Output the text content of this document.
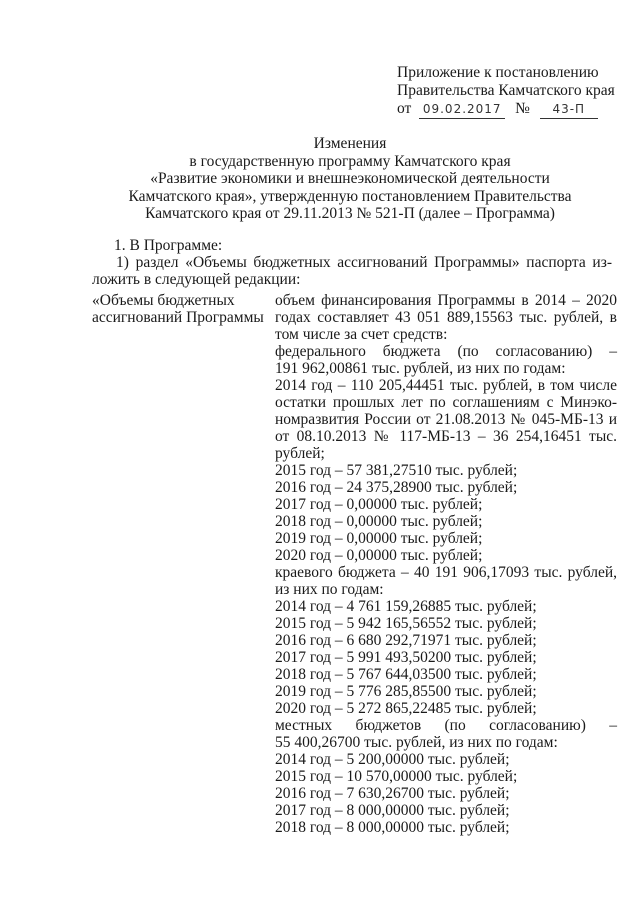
Приложение к постановлению
Правительства Камчатского края
от 09.02.2017 № 43-П
Изменения
в государственную программу Камчатского края
«Развитие экономики и внешнеэкономической деятельности
Камчатского края», утвержденную постановлением Правительства
Камчатского края от 29.11.2013 № 521-П (далее – Программа)
1. В Программе:
1) раздел «Объемы бюджетных ассигнований Программы» паспорта из-
ложить в следующей редакции:
«Объемы бюджетных
ассигнований Программы
объем финансирования Программы в 2014 – 2020
годах составляет 43 051 889,15563 тыс. рублей, в
том числе за счет средств:
федерального бюджета (по согласованию) –
191 962,00861 тыс. рублей, из них по годам:
2014 год – 110 205,44451 тыс. рублей, в том числе
остатки прошлых лет по соглашениям с Минэко-
номразвития России от 21.08.2013 № 045-МБ-13 и
от 08.10.2013 № 117-МБ-13 – 36 254,16451 тыс.
рублей;
2015 год – 57 381,27510 тыс. рублей;
2016 год – 24 375,28900 тыс. рублей;
2017 год – 0,00000 тыс. рублей;
2018 год – 0,00000 тыс. рублей;
2019 год – 0,00000 тыс. рублей;
2020 год – 0,00000 тыс. рублей;
краевого бюджета – 40 191 906,17093 тыс. рублей,
из них по годам:
2014 год – 4 761 159,26885 тыс. рублей;
2015 год – 5 942 165,56552 тыс. рублей;
2016 год – 6 680 292,71971 тыс. рублей;
2017 год – 5 991 493,50200 тыс. рублей;
2018 год – 5 767 644,03500 тыс. рублей;
2019 год – 5 776 285,85500 тыс. рублей;
2020 год – 5 272 865,22485 тыс. рублей;
местных бюджетов (по согласованию) –
55 400,26700 тыс. рублей, из них по годам:
2014 год – 5 200,00000 тыс. рублей;
2015 год – 10 570,00000 тыс. рублей;
2016 год – 7 630,26700 тыс. рублей;
2017 год – 8 000,00000 тыс. рублей;
2018 год – 8 000,00000 тыс. рублей;
